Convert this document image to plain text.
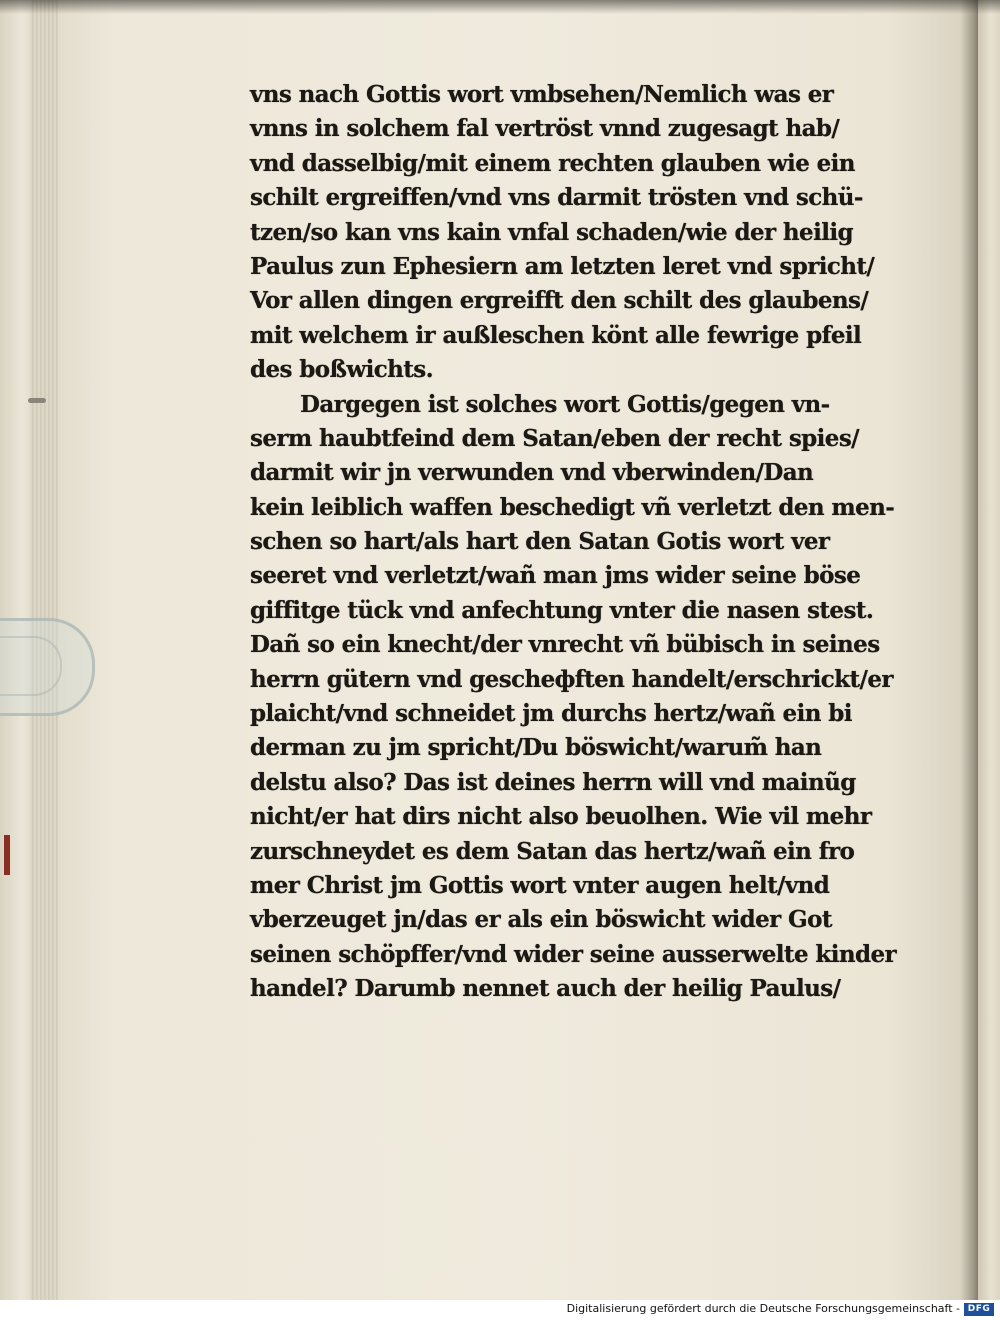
vns nach Gottis wort vmbsehen/Nemlich was er
vnns in solchem fal vertröst vnnd zugesagt hab/
vnd dasselbig/mit einem rechten glauben wie ein
schilt ergreiffen/vnd vns darmit trösten vnd schü-
tzen/so kan vns kain vnfal schaden/wie der heilig
Paulus zun Ephesiern am letzten leret vnd spricht/
Vor allen dingen ergreifft den schilt des glaubens/
mit welchem ir außleschen könt alle fewrige pfeil
des boßwichts.
Dargegen ist solches wort Gottis/gegen vn-
serm haubtfeind dem Satan/eben der recht spies/
darmit wir jn verwunden vnd vberwinden/Dan
kein leiblich waffen beschedigt vñ verletzt den men-
schen so hart/als hart den Satan Gotis wort ver
seeret vnd verletzt/wañ man jms wider seine böse
giffitge tück vnd anfechtung vnter die nasen stest.
Dañ so ein knecht/der vnrecht vñ bübisch in seines
herrn gütern vnd gescheфften handelt/erschrickt/er
plaicht/vnd schneidet jm durchs hertz/wañ ein bi
derman zu jm spricht/Du böswicht/warum̃ han
delstu also? Das ist deines herrn will vnd mainũg
nicht/er hat dirs nicht also beuolhen. Wie vil mehr
zurschneydet es dem Satan das hertz/wañ ein fro
mer Christ jm Gottis wort vnter augen helt/vnd
vberzeuget jn/das er als ein böswicht wider Got
seinen schöpffer/vnd wider seine ausserwelte kinder
handel? Darumb nennet auch der heilig Paulus/
Digitalisierung gefördert durch die Deutsche Forschungsgemeinschaft - DFG
